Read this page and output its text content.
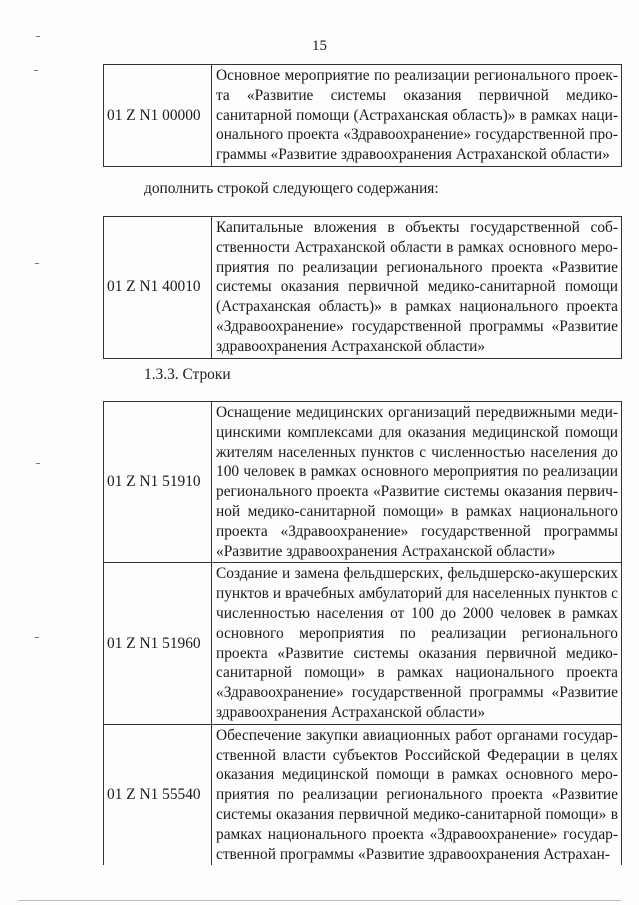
15
01 Z N1 00000	Основное мероприятие по реализации регионального проекта «Развитие системы оказания первичной медико-санитарной помощи (Астраханская область)» в рамках национального проекта «Здравоохранение» государственной программы «Развитие здравоохранения Астраханской области»
дополнить строкой следующего содержания:
01 Z N1 40010	Капитальные вложения в объекты государственной собственности Астраханской области в рамках основного мероприятия по реализации регионального проекта «Развитие системы оказания первичной медико-санитарной помощи (Астраханская область)» в рамках национального проекта «Здравоохранение» государственной программы «Развитие здравоохранения Астраханской области»
1.3.3. Строки
01 Z N1 51910	Оснащение медицинских организаций передвижными медицинскими комплексами для оказания медицинской помощи жителям населенных пунктов с численностью населения до 100 человек в рамках основного мероприятия по реализации регионального проекта «Развитие системы оказания первичной медико-санитарной помощи» в рамках национального проекта «Здравоохранение» государственной программы «Развитие здравоохранения Астраханской области»
01 Z N1 51960	Создание и замена фельдшерских, фельдшерско-акушерских пунктов и врачебных амбулаторий для населенных пунктов с численностью населения от 100 до 2000 человек в рамках основного мероприятия по реализации регионального проекта «Развитие системы оказания первичной медико-санитарной помощи» в рамках национального проекта «Здравоохранение» государственной программы «Развитие здравоохранения Астраханской области»
01 Z N1 55540	Обеспечение закупки авиационных работ органами государственной власти субъектов Российской Федерации в целях оказания медицинской помощи в рамках основного мероприятия по реализации регионального проекта «Развитие системы оказания первичной медико-санитарной помощи» в рамках национального проекта «Здравоохранение» государственной программы «Развитие здравоохранения Астрахан-
